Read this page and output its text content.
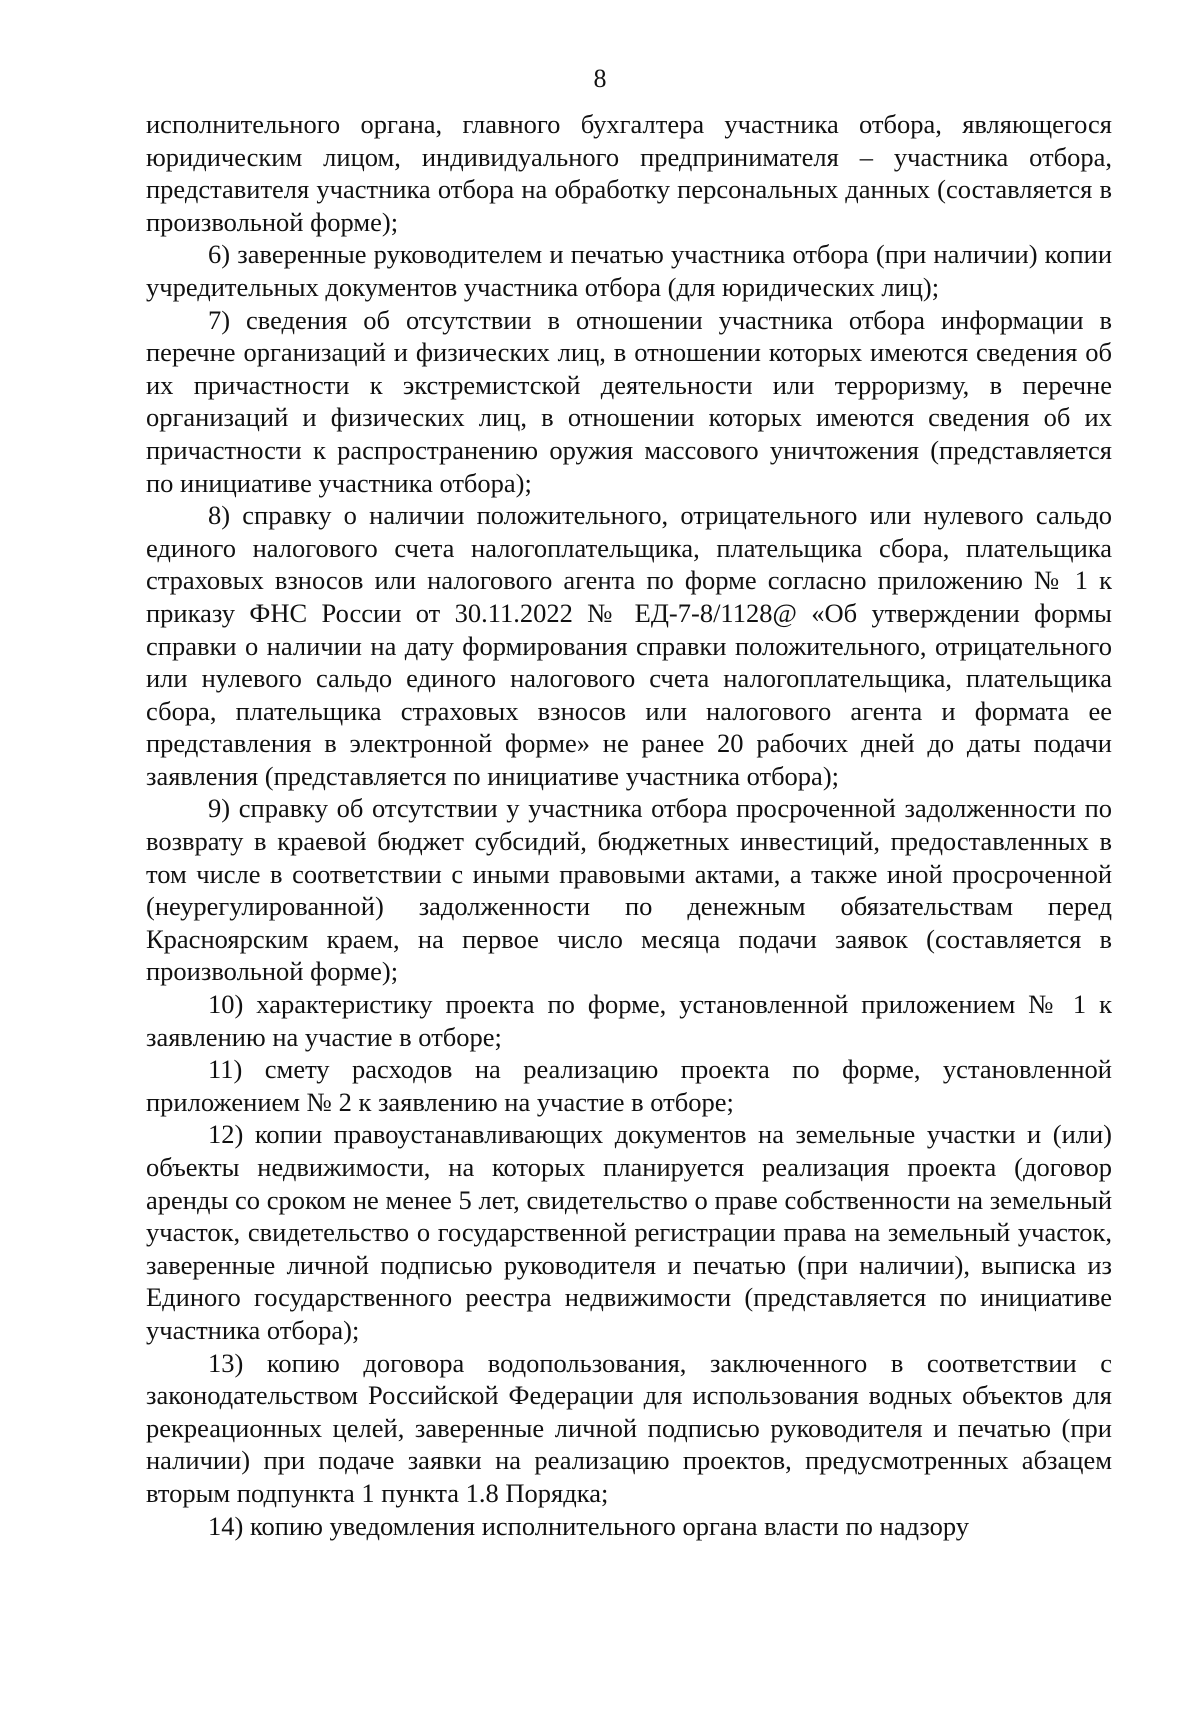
8

исполнительного органа, главного бухгалтера участника отбора, являющегося юридическим лицом, индивидуального предпринимателя – участника отбора, представителя участника отбора на обработку персональных данных (составляется в произвольной форме);

6) заверенные руководителем и печатью участника отбора (при наличии) копии учредительных документов участника отбора (для юридических лиц);

7) сведения об отсутствии в отношении участника отбора информации в перечне организаций и физических лиц, в отношении которых имеются сведения об их причастности к экстремистской деятельности или терроризму, в перечне организаций и физических лиц, в отношении которых имеются сведения об их причастности к распространению оружия массового уничтожения (представляется по инициативе участника отбора);

8) справку о наличии положительного, отрицательного или нулевого сальдо единого налогового счета налогоплательщика, плательщика сбора, плательщика страховых взносов или налогового агента по форме согласно приложению № 1 к приказу ФНС России от 30.11.2022 № ЕД-7-8/1128@ «Об утверждении формы справки о наличии на дату формирования справки положительного, отрицательного или нулевого сальдо единого налогового счета налогоплательщика, плательщика сбора, плательщика страховых взносов или налогового агента и формата ее представления в электронной форме» не ранее 20 рабочих дней до даты подачи заявления (представляется по инициативе участника отбора);

9) справку об отсутствии у участника отбора просроченной задолженности по возврату в краевой бюджет субсидий, бюджетных инвестиций, предоставленных в том числе в соответствии с иными правовыми актами, а также иной просроченной (неурегулированной) задолженности по денежным обязательствам перед Красноярским краем, на первое число месяца подачи заявок (составляется в произвольной форме);

10) характеристику проекта по форме, установленной приложением № 1 к заявлению на участие в отборе;

11) смету расходов на реализацию проекта по форме, установленной приложением № 2 к заявлению на участие в отборе;

12) копии правоустанавливающих документов на земельные участки и (или) объекты недвижимости, на которых планируется реализация проекта (договор аренды со сроком не менее 5 лет, свидетельство о праве собственности на земельный участок, свидетельство о государственной регистрации права на земельный участок, заверенные личной подписью руководителя и печатью (при наличии), выписка из Единого государственного реестра недвижимости (представляется по инициативе участника отбора);

13) копию договора водопользования, заключенного в соответствии с законодательством Российской Федерации для использования водных объектов для рекреационных целей, заверенные личной подписью руководителя и печатью (при наличии) при подаче заявки на реализацию проектов, предусмотренных абзацем вторым подпункта 1 пункта 1.8 Порядка;

14) копию уведомления исполнительного органа власти по надзору
